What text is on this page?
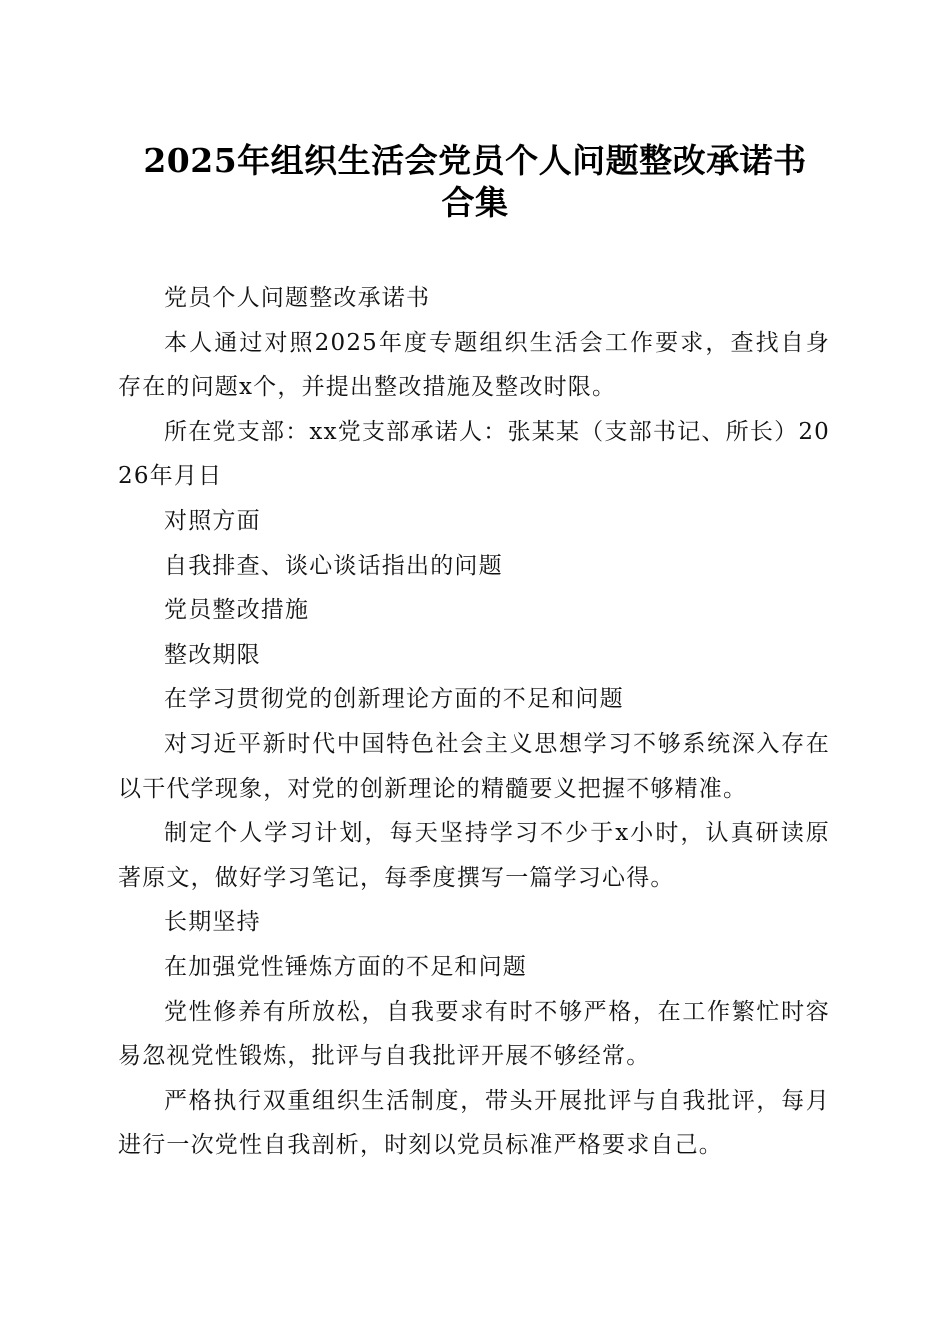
2025年组织生活会党员个人问题整改承诺书
合集

党员个人问题整改承诺书

本人通过对照2025年度专题组织生活会工作要求，查找自身存在的问题x个，并提出整改措施及整改时限。

所在党支部：xx党支部承诺人：张某某（支部书记、所长）2026年月日

对照方面

自我排查、谈心谈话指出的问题

党员整改措施

整改期限

在学习贯彻党的创新理论方面的不足和问题

对习近平新时代中国特色社会主义思想学习不够系统深入存在以干代学现象，对党的创新理论的精髓要义把握不够精准。

制定个人学习计划，每天坚持学习不少于x小时，认真研读原著原文，做好学习笔记，每季度撰写一篇学习心得。

长期坚持

在加强党性锤炼方面的不足和问题

党性修养有所放松，自我要求有时不够严格，在工作繁忙时容易忽视党性锻炼，批评与自我批评开展不够经常。

严格执行双重组织生活制度，带头开展批评与自我批评，每月进行一次党性自我剖析，时刻以党员标准严格要求自己。
